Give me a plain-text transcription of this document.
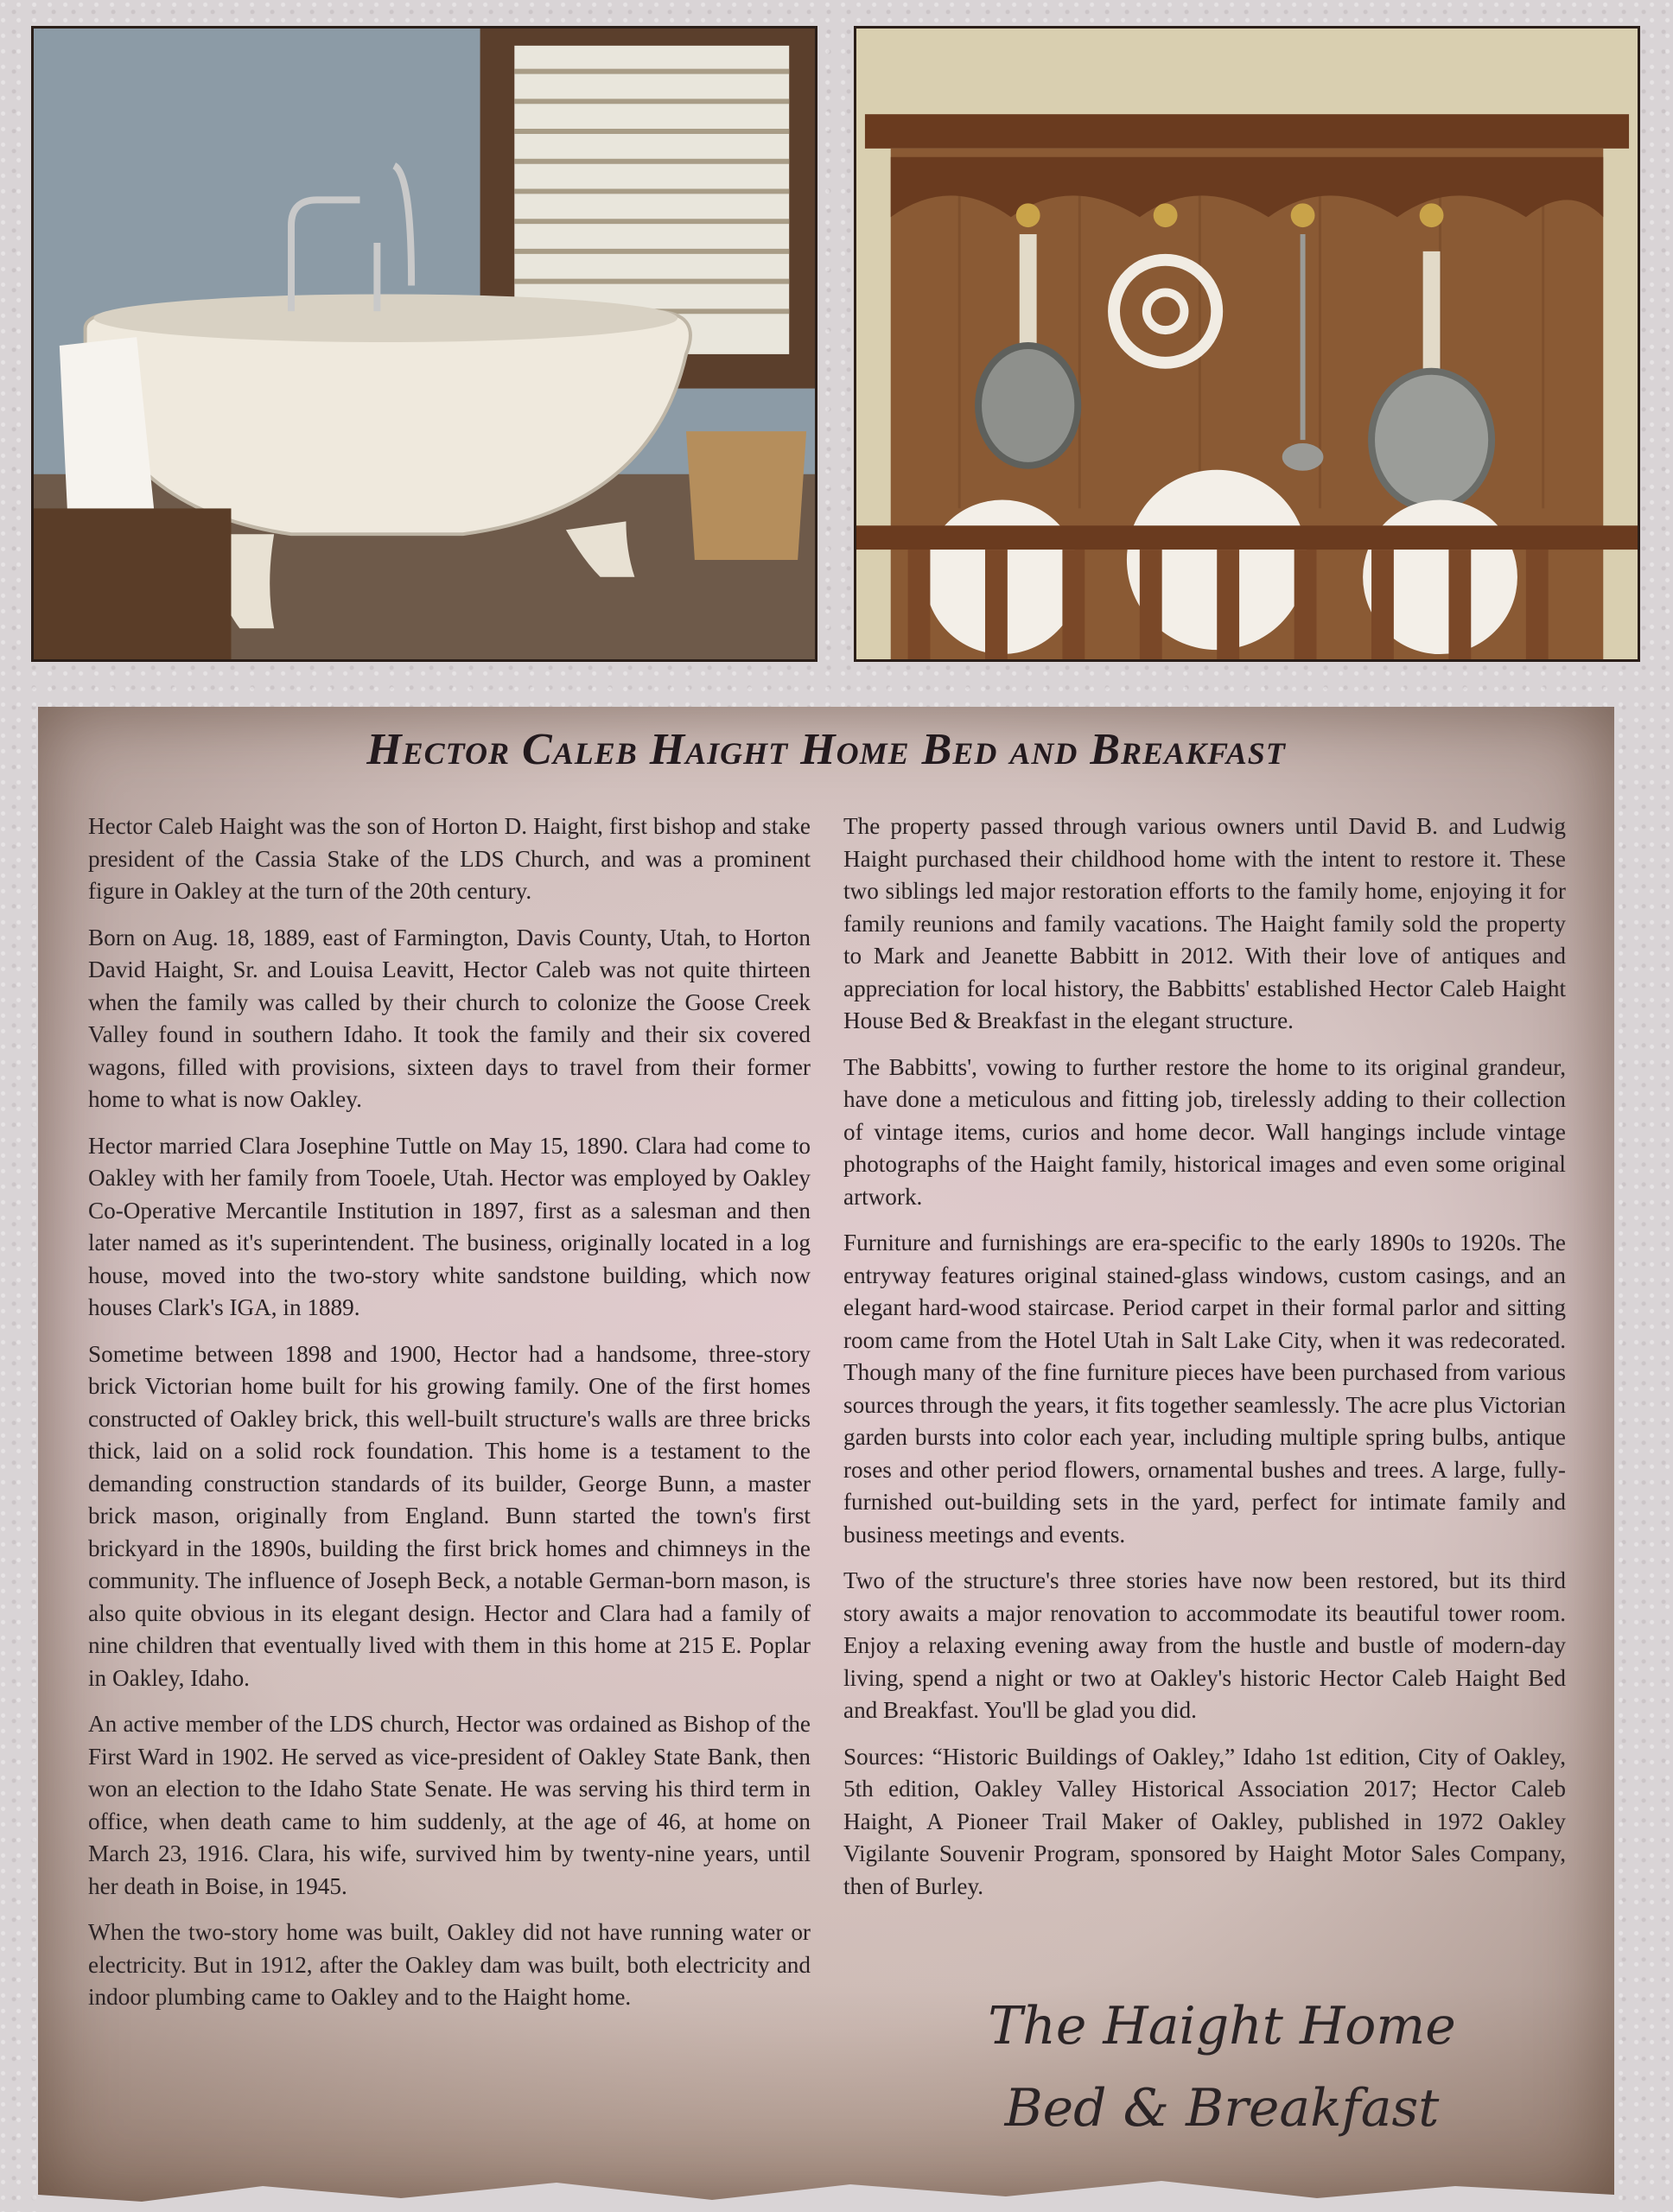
Hector Caleb Haight Home Bed and Breakfast

Hector Caleb Haight was the son of Horton D. Haight, first bishop and stake president of the Cassia Stake of the LDS Church, and was a prominent figure in Oakley at the turn of the 20th century.

Born on Aug. 18, 1889, east of Farmington, Davis County, Utah, to Horton David Haight, Sr. and Louisa Leavitt, Hector Caleb was not quite thirteen when the family was called by their church to colonize the Goose Creek Valley found in southern Idaho. It took the family and their six covered wagons, filled with provisions, sixteen days to travel from their former home to what is now Oakley.

Hector married Clara Josephine Tuttle on May 15, 1890. Clara had come to Oakley with her family from Tooele, Utah. Hector was employed by Oakley Co-Operative Mercantile Institution in 1897, first as a salesman and then later named as it's superintendent. The business, originally located in a log house, moved into the two-story white sandstone building, which now houses Clark's IGA, in 1889.

Sometime between 1898 and 1900, Hector had a handsome, three-story brick Victorian home built for his growing family. One of the first homes constructed of Oakley brick, this well-built structure's walls are three bricks thick, laid on a solid rock foundation. This home is a testament to the demanding construction standards of its builder, George Bunn, a master brick mason, originally from England. Bunn started the town's first brickyard in the 1890s, building the first brick homes and chimneys in the community. The influence of Joseph Beck, a notable German-born mason, is also quite obvious in its elegant design. Hector and Clara had a family of nine children that eventually lived with them in this home at 215 E. Poplar in Oakley, Idaho.

An active member of the LDS church, Hector was ordained as Bishop of the First Ward in 1902. He served as vice-president of Oakley State Bank, then won an election to the Idaho State Senate. He was serving his third term in office, when death came to him suddenly, at the age of 46, at home on March 23, 1916. Clara, his wife, survived him by twenty-nine years, until her death in Boise, in 1945.

When the two-story home was built, Oakley did not have running water or electricity. But in 1912, after the Oakley dam was built, both electricity and indoor plumbing came to Oakley and to the Haight home.

The property passed through various owners until David B. and Ludwig Haight purchased their childhood home with the intent to restore it. These two siblings led major restoration efforts to the family home, enjoying it for family reunions and family vacations. The Haight family sold the property to Mark and Jeanette Babbitt in 2012. With their love of antiques and appreciation for local history, the Babbitts' established Hector Caleb Haight House Bed & Breakfast in the elegant structure.

The Babbitts', vowing to further restore the home to its original grandeur, have done a meticulous and fitting job, tirelessly adding to their collection of vintage items, curios and home decor. Wall hangings include vintage photographs of the Haight family, historical images and even some original artwork.

Furniture and furnishings are era-specific to the early 1890s to 1920s. The entryway features original stained-glass windows, custom casings, and an elegant hard-wood staircase. Period carpet in their formal parlor and sitting room came from the Hotel Utah in Salt Lake City, when it was redecorated. Though many of the fine furniture pieces have been purchased from various sources through the years, it fits together seamlessly. The acre plus Victorian garden bursts into color each year, including multiple spring bulbs, antique roses and other period flowers, ornamental bushes and trees. A large, fully-furnished out-building sets in the yard, perfect for intimate family and business meetings and events.

Two of the structure's three stories have now been restored, but its third story awaits a major renovation to accommodate its beautiful tower room. Enjoy a relaxing evening away from the hustle and bustle of modern-day living, spend a night or two at Oakley's historic Hector Caleb Haight Bed and Breakfast. You'll be glad you did.

Sources: “Historic Buildings of Oakley,” Idaho 1st edition, City of Oakley, 5th edition, Oakley Valley Historical Association 2017; Hector Caleb Haight, A Pioneer Trail Maker of Oakley, published in 1972 Oakley Vigilante Souvenir Program, sponsored by Haight Motor Sales Company, then of Burley.

The Haight Home
Bed & Breakfast
